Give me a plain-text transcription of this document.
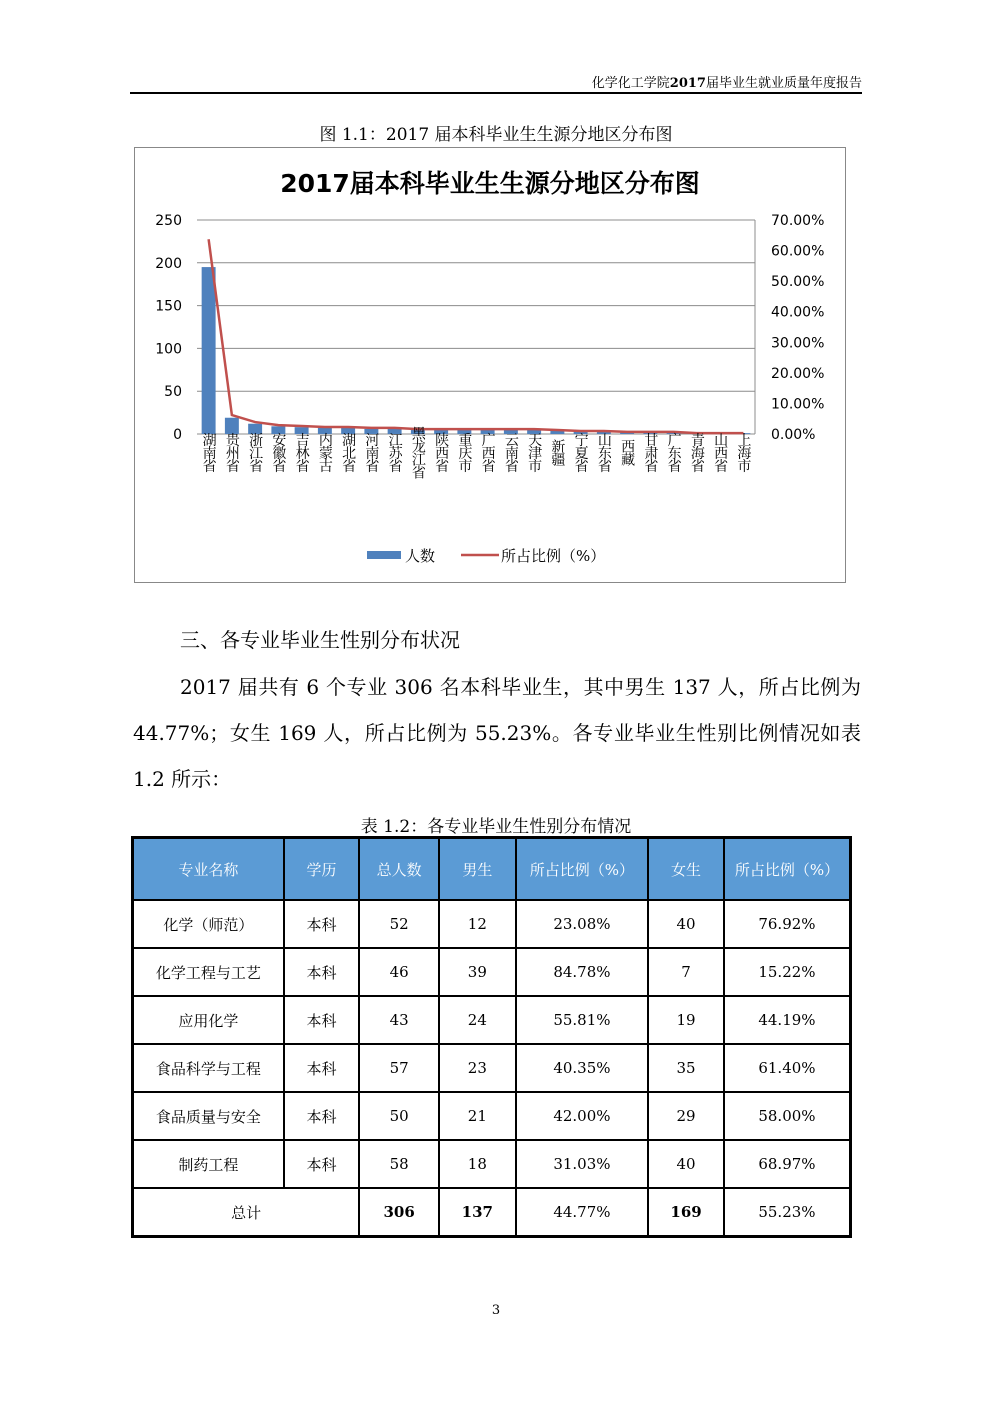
化学化工学院2017届毕业生就业质量年度报告
图 1.1：2017 届本科毕业生生源分地区分布图
2017届本科毕业生生源分地区分布图
0
50
100
150
200
250
0.00%
10.00%
20.00%
30.00%
40.00%
50.00%
60.00%
70.00%
湖南省 贵州省 浙江省 安徽省 吉林省 内蒙古 湖北省 河南省 江苏省 黑龙江省 陕西省 重庆市 广西省 云南省 天津市 新疆 宁夏省 山东省 西藏 甘肃省 广东省 青海省 山西省 上海市
人数	所占比例（%）
三、各专业毕业生性别分布状况

2017 届共有 6 个专业 306 名本科毕业生，其中男生 137 人，所占比例为 44.77%；女生 169 人，所占比例为 55.23%。各专业毕业生性别比例情况如表 1.2 所示：

表 1.2：各专业毕业生性别分布情况
专业名称	学历	总人数	男生	所占比例（%）	女生	所占比例（%）
化学（师范）	本科	52	12	23.08%	40	76.92%
化学工程与工艺	本科	46	39	84.78%	7	15.22%
应用化学	本科	43	24	55.81%	19	44.19%
食品科学与工程	本科	57	23	40.35%	35	61.40%
食品质量与安全	本科	50	21	42.00%	29	58.00%
制药工程	本科	58	18	31.03%	40	68.97%
总计		306	137	44.77%	169	55.23%
3
